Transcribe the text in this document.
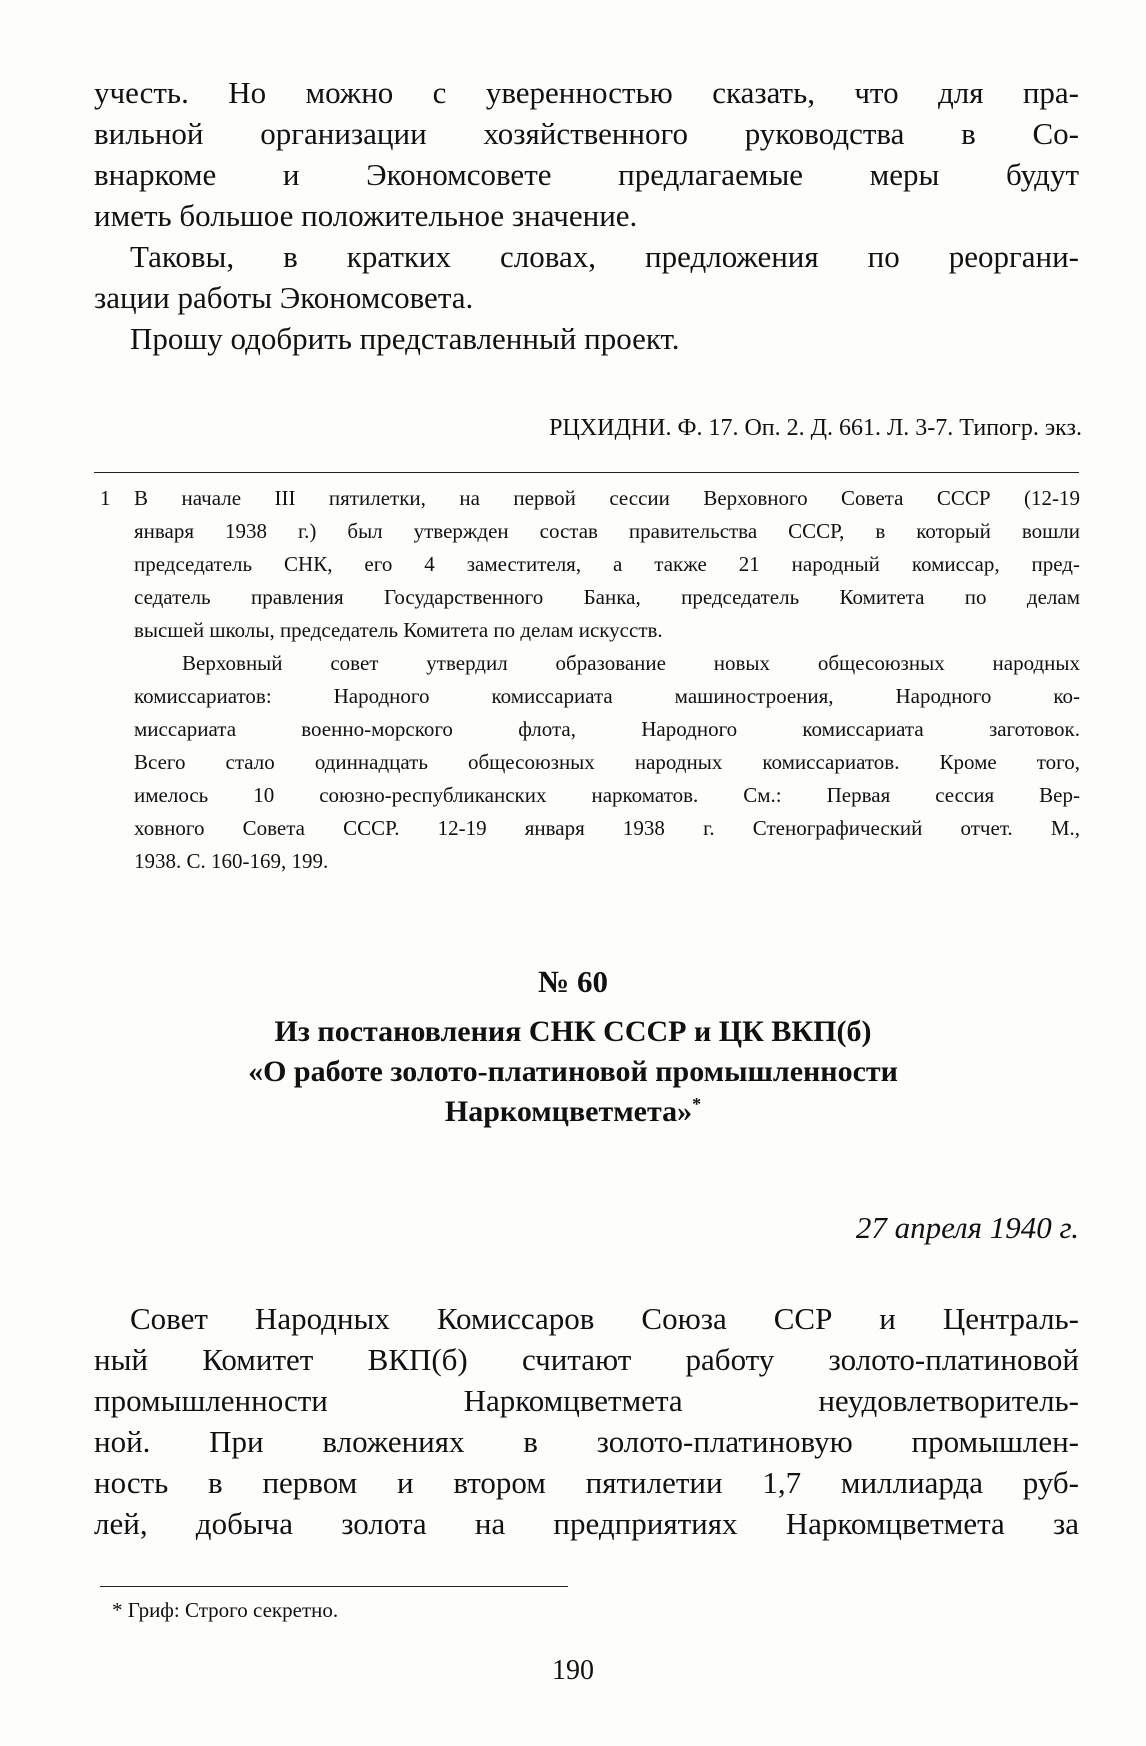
учесть. Но можно с уверенностью сказать, что для пра-
вильной организации хозяйственного руководства в Со-
внаркоме и Экономсовете предлагаемые меры будут
иметь большое положительное значение.

Таковы, в кратких словах, предложения по реоргани-
зации работы Экономсовета.

Прошу одобрить представленный проект.

РЦХИДНИ. Ф. 17. Оп. 2. Д. 661. Л. 3-7. Типогр. экз.
1 В начале III пятилетки, на первой сессии Верховного Совета СССР (12-19
января 1938 г.) был утвержден состав правительства СССР, в который вошли
председатель СНК, его 4 заместителя, а также 21 народный комиссар, пред-
седатель правления Государственного Банка, председатель Комитета по делам
высшей школы, председатель Комитета по делам искусств.

Верховный совет утвердил образование новых общесоюзных народных
комиссариатов: Народного комиссариата машиностроения, Народного ко-
миссариата военно-морского флота, Народного комиссариата заготовок.
Всего стало одиннадцать общесоюзных народных комиссариатов. Кроме того,
имелось 10 союзно-республиканских наркоматов. См.: Первая сессия Вер-
ховного Совета СССР. 12-19 января 1938 г. Стенографический отчет. М.,
1938. С. 160-169, 199.

№ 60
Из постановления СНК СССР и ЦК ВКП(б)
«О работе золото-платиновой промышленности
Наркомцветмета»*
27 апреля 1940 г.

Совет Народных Комиссаров Союза ССР и Централь-
ный Комитет ВКП(б) считают работу золото-платиновой
промышленности Наркомцветмета неудовлетворитель-
ной. При вложениях в золото-платиновую промышлен-
ность в первом и втором пятилетии 1,7 миллиарда руб-
лей, добыча золота на предприятиях Наркомцветмета за

* Гриф: Строго секретно.
190
